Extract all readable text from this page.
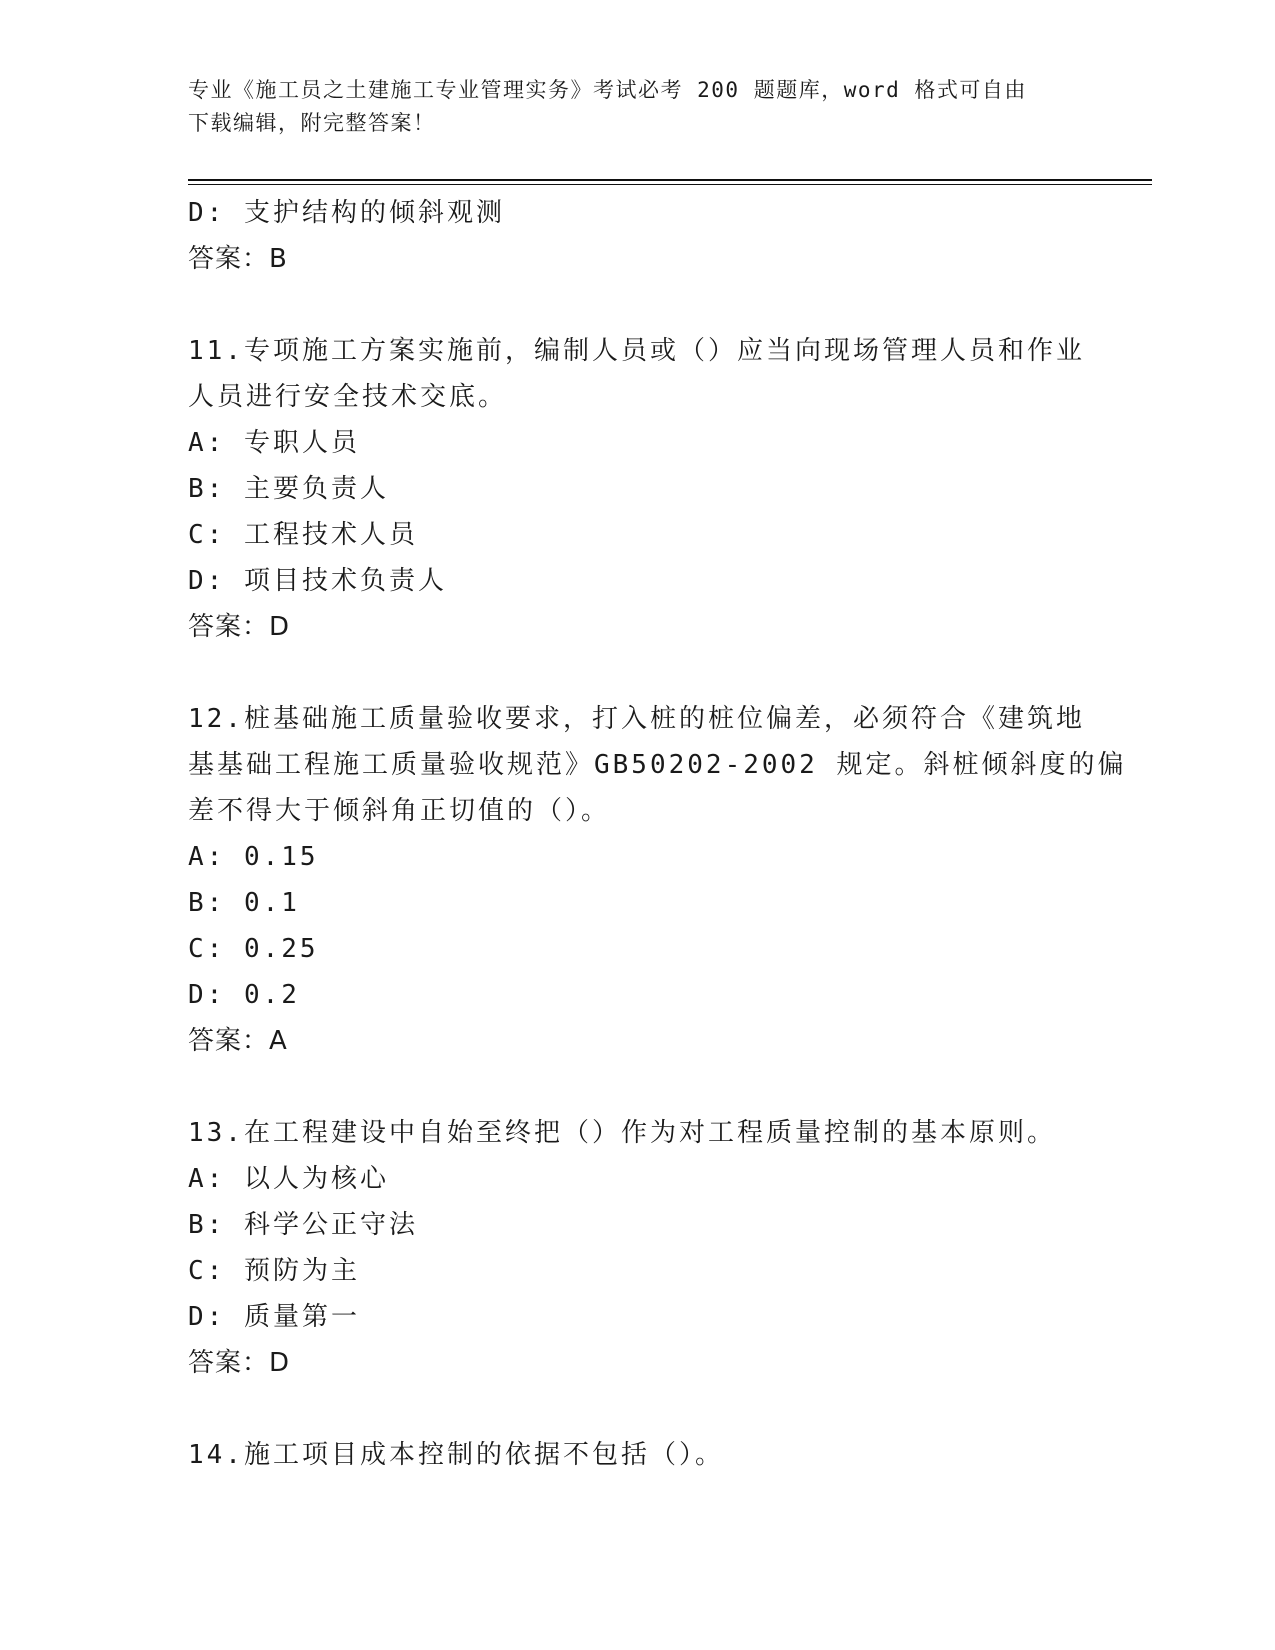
专业《施工员之土建施工专业管理实务》考试必考 200 题题库，word 格式可自由
下载编辑，附完整答案！
D: 支护结构的倾斜观测
答案：B
11.专项施工方案实施前，编制人员或（）应当向现场管理人员和作业
人员进行安全技术交底。
A: 专职人员
B: 主要负责人
C: 工程技术人员
D: 项目技术负责人
答案：D
12.桩基础施工质量验收要求，打入桩的桩位偏差，必须符合《建筑地
基基础工程施工质量验收规范》GB50202-2002 规定。斜桩倾斜度的偏
差不得大于倾斜角正切值的（）。
A: 0.15
B: 0.1
C: 0.25
D: 0.2
答案：A
13.在工程建设中自始至终把（）作为对工程质量控制的基本原则。
A: 以人为核心
B: 科学公正守法
C: 预防为主
D: 质量第一
答案：D
14.施工项目成本控制的依据不包括（）。
